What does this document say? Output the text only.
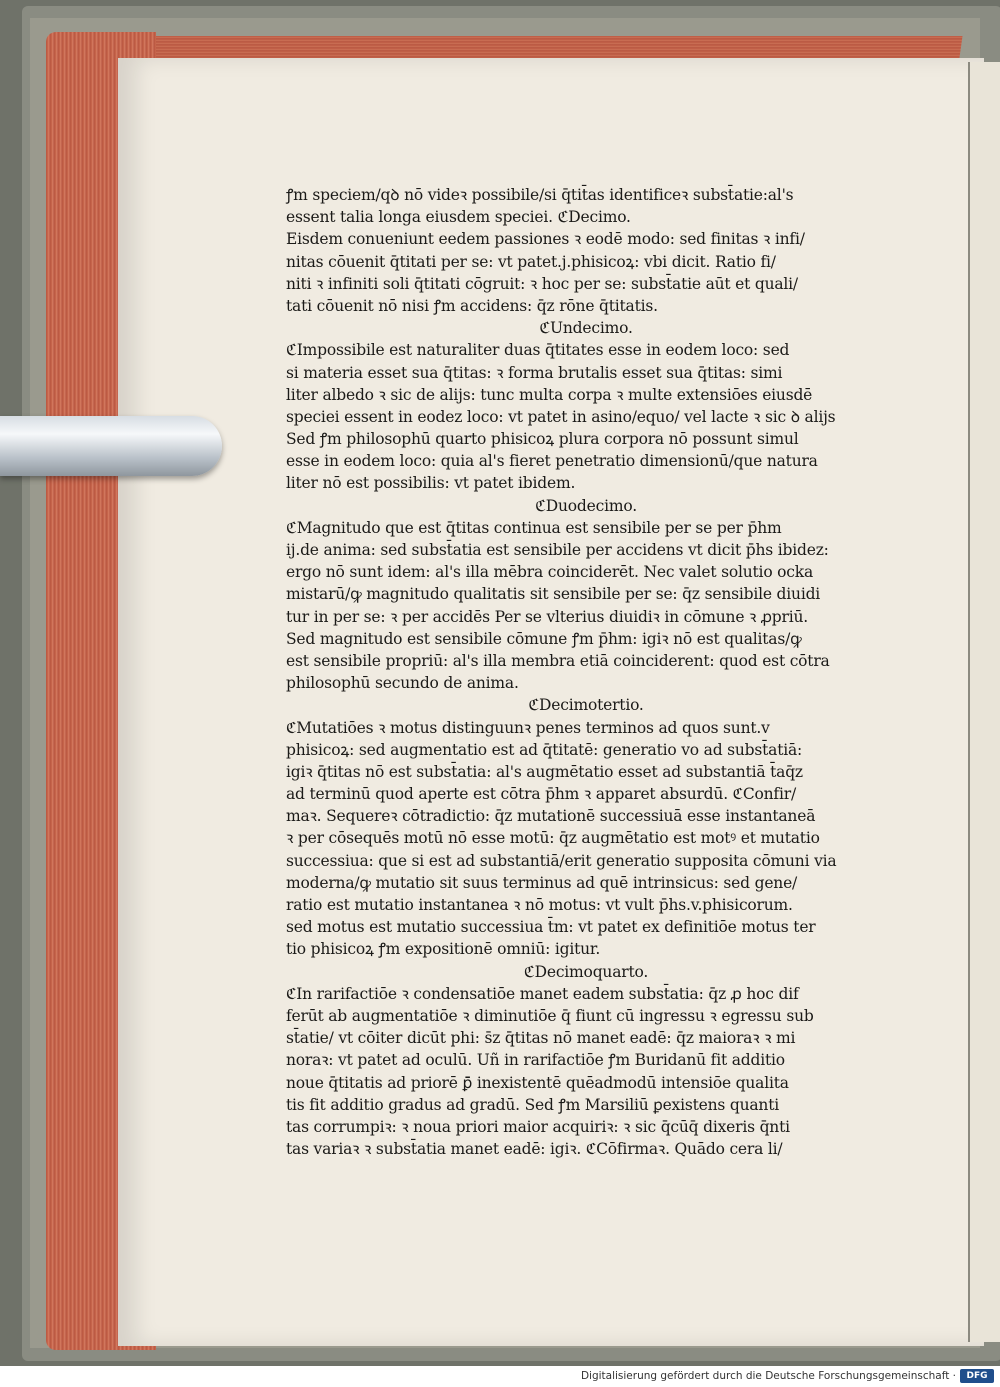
ꝭm speciem/qꝺ nō videꝛ possibile/si q̄tit̄as identificeꝛ subst̄atie:al's
essent talia longa eiusdem speciei. ℭDecimo.
Eisdem conueniunt eedem passiones ꝛ eodē modo: sed finitas ꝛ infi/
nitas cōuenit q̄titati per se: vt patet.j.phisicoꝝ: vbi dicit. Ratio fi/
niti ꝛ infiniti soli q̄titati cōgruit: ꝛ hoc per se: subst̄atie aūt et quali/
tati cōuenit nō nisi ꝭm accidens: q̄z rōne q̄titatis.
ℭUndecimo.
ℭImpossibile est naturaliter duas q̄titates esse in eodem loco: sed
si materia esset sua q̄titas: ꝛ forma brutalis esset sua q̄titas: simi
liter albedo ꝛ sic de alijs: tunc multa corpa ꝛ multe extensiōes eiusdē
speciei essent in eodez loco: vt patet in asino/equo/ vel lacte ꝛ sic ꝺ alijs
Sed ꝭm philosophū quarto phisicoꝝ plura corpora nō possunt simul
esse in eodem loco: quia al's fieret penetratio dimensionū/que natura
liter nō est possibilis: vt patet ibidem.
ℭDuodecimo.
ℭMagnitudo que est q̄titas continua est sensibile per se per p̄hm
ij.de anima: sed subst̄atia est sensibile per accidens vt dicit p̄hs ibidez:
ergo nō sunt idem: al's illa mēbra coinciderēt. Nec valet solutio ocka
mistarū/ꝙ magnitudo qualitatis sit sensibile per se: q̄z sensibile diuidi
tur in per se: ꝛ per accidēs Per se vlterius diuidiꝛ in cōmune ꝛ ꝓpriū.
Sed magnitudo est sensibile cōmune ꝭm p̄hm: igiꝛ nō est qualitas/ꝙ
est sensibile propriū: al's illa membra etiā coinciderent: quod est cōtra
philosophū secundo de anima.
ℭDecimotertio.
ℭMutatiōes ꝛ motus distinguunꝛ penes terminos ad quos sunt.v
phisicoꝝ: sed augmentatio est ad q̄titatē: generatio vo ad subst̄atiā:
igiꝛ q̄titas nō est subst̄atia: al's augmētatio esset ad substantiā t̄aq̄z
ad terminū quod aperte est cōtra p̄hm ꝛ apparet absurdū. ℭConfir/
maꝛ. Sequereꝛ cōtradictio: q̄z mutationē successiuā esse instantaneā
ꝛ per cōsequēs motū nō esse motū: q̄z augmētatio est motꝰ et mutatio
successiua: que si est ad substantiā/erit generatio supposita cōmuni via
moderna/ꝙ mutatio sit suus terminus ad quē intrinsicus: sed gene/
ratio est mutatio instantanea ꝛ nō motus: vt vult p̄hs.v.phisicorum.
sed motus est mutatio successiua t̄m: vt patet ex definitiōe motus ter
tio phisicoꝝ ꝭm expositionē omniū: igitur.
ℭDecimoquarto.
ℭIn rarifactiōe ꝛ condensatiōe manet eadem subst̄atia: q̄z ꝓ hoc dif
ferūt ab augmentatiōe ꝛ diminutiōe q̄ fiunt cū ingressu ꝛ egressu sub
st̄atie/ vt cōiter dicūt phi: s̄z q̄titas nō manet eadē: q̄z maioraꝛ ꝛ mi
noraꝛ: vt patet ad oculū. Uñ in rarifactiōe ꝭm Buridanū fit additio
noue q̄titatis ad priorē ꝑ̄ inexistentē quēadmodū intensiōe qualita
tis fit additio gradus ad gradū. Sed ꝭm Marsiliū ꝑexistens quanti
tas corrumpiꝛ: ꝛ noua priori maior acquiriꝛ: ꝛ sic q̄cūq̄ dixeris q̄nti
tas variaꝛ ꝛ subst̄atia manet eadē: igiꝛ. ℭCōfirmaꝛ. Quādo cera li/
Digitalisierung gefördert durch die Deutsche Forschungsgemeinschaft ·	DFG
